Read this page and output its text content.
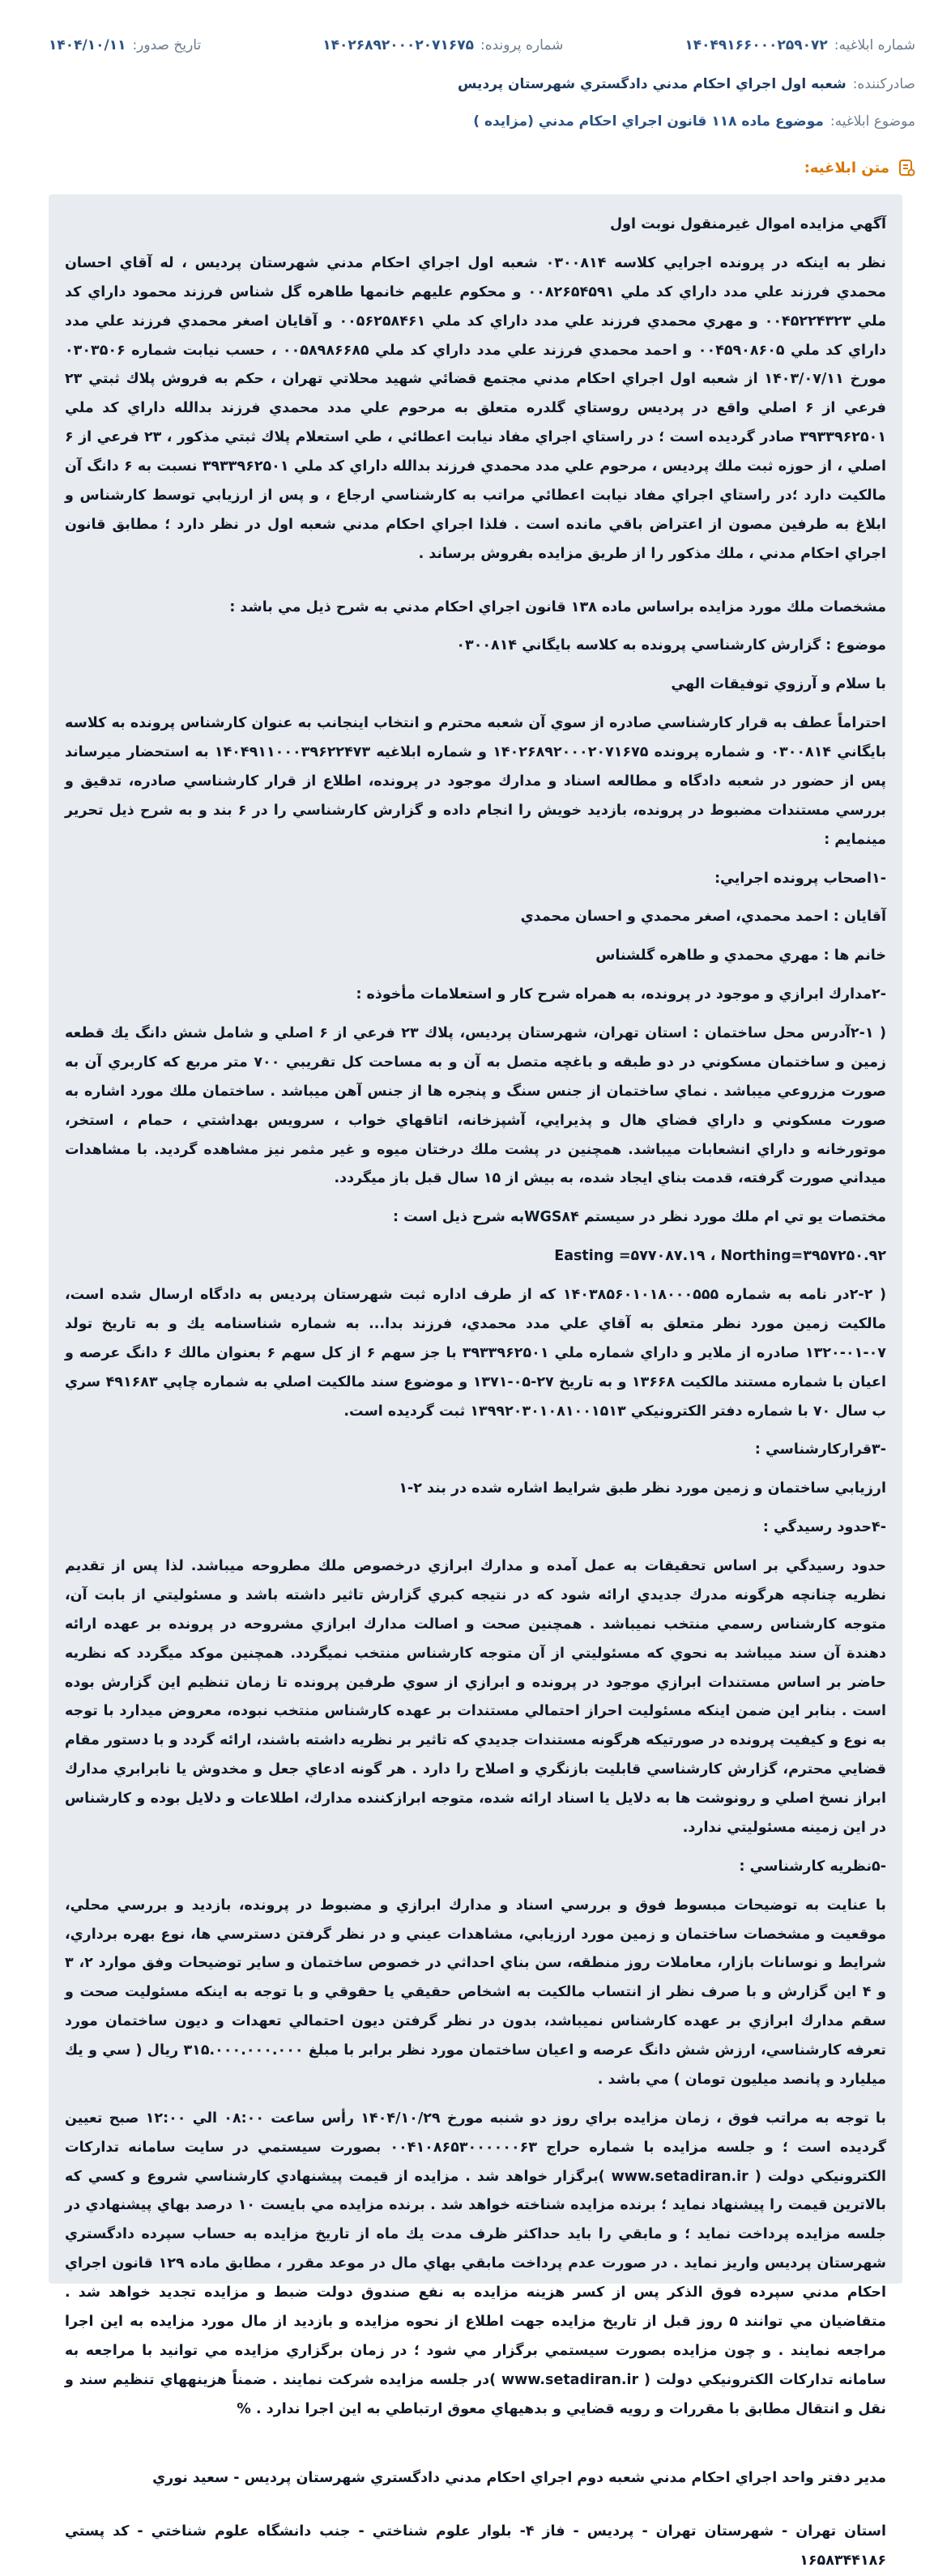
شماره ابلاغیه:۱۴۰۴۹۱۶۶۰۰۰۲۵۹۰۷۲
شماره پرونده:۱۴۰۲۶۸۹۲۰۰۰۲۰۷۱۶۷۵
تاریخ صدور:۱۴۰۴/۱۰/۱۱
صادرکننده:شعبه اول اجراي احكام مدني دادگستري شهرستان پرديس
موضوع ابلاغیه:موضوع ماده ۱۱۸ قانون اجراي احكام مدني (مزايده )
متن ابلاغیه:

آگهي مزايده اموال غيرمنقول نوبت اول

نظر به اينكه در پرونده اجرايي كلاسه ۰۳۰۰۸۱۴ شعبه اول اجراي احكام مدني شهرستان پرديس ، له آقاي احسان محمدي فرزند علي مدد داراي كد ملي ۰۰۸۲۶۵۴۵۹۱ و محكوم عليهم خانمها طاهره گل شناس فرزند محمود داراي كد ملي ۰۰۴۵۲۲۴۳۲۳ و مهري محمدي فرزند علي مدد داراي كد ملي ۰۰۵۶۲۵۸۴۶۱ و آقايان اصغر محمدي فرزند علي مدد داراي كد ملي ۰۰۴۵۹۰۸۶۰۵ و احمد محمدي فرزند علي مدد داراي كد ملي ۰۰۵۸۹۸۶۶۸۵ ، حسب نيابت شماره ۰۳۰۳۵۰۶ مورخ ۱۴۰۳/۰۷/۱۱ از شعبه اول اجراي احكام مدني مجتمع قضائي شهيد محلاتي تهران ، حكم به فروش پلاك ثبتي ۲۳ فرعي از ۶ اصلي واقع در پرديس روستاي گلدره متعلق به مرحوم علي مدد محمدي فرزند بدالله داراي كد ملي ۳۹۳۳۹۶۲۵۰۱ صادر گرديده است ؛ در راستاي اجراي مفاد نيابت اعطائي ، طي استعلام پلاك ثبتي مذكور ، ۲۳ فرعي از ۶ اصلي ، از حوزه ثبت ملك پرديس ، مرحوم علي مدد محمدي فرزند بدالله داراي كد ملي ۳۹۳۳۹۶۲۵۰۱ نسبت به ۶ دانگ آن مالكيت دارد ؛در راستاي اجراي مفاد نيابت اعطائي مراتب به كارشناسي ارجاع ، و پس از ارزيابي توسط كارشناس و ابلاغ به طرفين مصون از اعتراض باقي مانده است . فلذا اجراي احكام مدني شعبه اول در نظر دارد ؛ مطابق قانون اجراي احكام مدني ، ملك مذكور را از طريق مزايده بفروش برساند .

مشخصات ملك مورد مزايده براساس ماده ۱۳۸ قانون اجراي احكام مدني به شرح ذيل مي باشد :

موضوع : گزارش كارشناسي پرونده به كلاسه بايگاني ۰۳۰۰۸۱۴

با سلام و آرزوي توفيقات الهي

احتراماً عطف به قرار كارشناسي صادره از سوي آن شعبه محترم و انتخاب اينجانب به عنوان كارشناس پرونده به كلاسه بايگاني ۰۳۰۰۸۱۴ و شماره پرونده ۱۴۰۲۶۸۹۲۰۰۰۲۰۷۱۶۷۵ و شماره ابلاغيه ۱۴۰۴۹۱۱۰۰۰۳۹۶۲۲۴۷۳ به استحضار ميرساند پس از حضور در شعبه دادگاه و مطالعه اسناد و مدارك موجود در پرونده، اطلاع از قرار كارشناسي صادره، تدقيق و بررسي مستندات مضبوط در پرونده، بازديد خويش را انجام داده و گزارش كارشناسي را در ۶ بند و به شرح ذيل تحرير مينمايم :

-۱اصحاب پرونده اجرايي:

آقايان : احمد محمدي، اصغر محمدي و احسان محمدي

خانم ها : مهري محمدي و طاهره گلشناس

-۲مدارك ابرازي و موجود در پرونده، به همراه شرح كار و استعلامات مأخوذه :

( ۲-۱آدرس محل ساختمان : استان تهران، شهرستان پرديس، پلاك ۲۳ فرعي از ۶ اصلي و شامل شش دانگ يك قطعه زمين و ساختمان مسكوني در دو طبقه و باغچه متصل به آن و به مساحت كل تقريبي ۷۰۰ متر مربع كه كاربري آن به صورت مزروعي ميباشد . نماي ساختمان از جنس سنگ و پنجره ها از جنس آهن ميباشد . ساختمان ملك مورد اشاره به صورت مسكوني و داراي فضاي هال و پذيرايي، آشپزخانه، اتاقهاي خواب ، سرويس بهداشتي ، حمام ، استخر، موتورخانه و داراي انشعابات ميباشد. همچنين در پشت ملك درختان ميوه و غير مثمر نيز مشاهده گرديد. با مشاهدات ميداني صورت گرفته، قدمت بناي ايجاد شده، به بيش از ۱۵ سال قبل باز ميگردد.

مختصات يو تي ام ملك مورد نظر در سيستم WGS۸۴به شرح ذيل است :

Easting =۵۷۷۰۸۷.۱۹ ، Northing=۳۹۵۷۲۵۰.۹۲

( ۲-۲در نامه به شماره ۱۴۰۳۸۵۶۰۱۰۱۸۰۰۰۵۵۵ كه از طرف اداره ثبت شهرستان پرديس به دادگاه ارسال شده است، مالكيت زمين مورد نظر متعلق به آقاي علي مدد محمدي، فرزند بدا... به شماره شناسنامه يك و به تاريخ تولد ۰۷-۰۱-۱۳۲۰ صادره از ملاير و داراي شماره ملي ۳۹۳۳۹۶۲۵۰۱ با جز سهم ۶ از كل سهم ۶ بعنوان مالك ۶ دانگ عرصه و اعيان با شماره مستند مالكيت ۱۳۶۶۸ و به تاريخ ۲۷-۰۵-۱۳۷۱ و موضوع سند مالكيت اصلي به شماره چاپي ۴۹۱۶۸۳ سري ب سال ۷۰ با شماره دفتر الكترونيكي ۱۳۹۹۲۰۳۰۱۰۸۱۰۰۱۵۱۳ ثبت گرديده است.

-۳قراركارشناسي :

ارزيابي ساختمان و زمين مورد نظر طبق شرايط اشاره شده در بند ۲-۱

-۴حدود رسيدگي :

حدود رسيدگي بر اساس تحقيقات به عمل آمده و مدارك ابرازي درخصوص ملك مطروحه ميباشد. لذا پس از تقديم نظريه چنانچه هرگونه مدرك جديدي ارائه شود كه در نتيجه كبري گزارش تاثير داشته باشد و مسئوليتي از بابت آن، متوجه كارشناس رسمي منتخب نميباشد . همچنين صحت و اصالت مدارك ابرازي مشروحه در پرونده بر عهده ارائه دهندة آن سند ميباشد به نحوي كه مسئوليتي از آن متوجه كارشناس منتخب نميگردد. همچنين موكد ميگردد كه نظريه حاضر بر اساس مستندات ابرازي موجود در پرونده و ابرازي از سوي طرفين پرونده تا زمان تنظيم اين گزارش بوده است . بنابر اين ضمن اينكه مسئوليت احراز احتمالي مستندات بر عهده كارشناس منتخب نبوده، معروض ميدارد با توجه به نوع و كيفيت پرونده در صورتيكه هرگونه مستندات جديدي كه تاثير بر نظريه داشته باشند، ارائه گردد و با دستور مقام قضايي محترم، گزارش كارشناسي قابليت بازنگري و اصلاح را دارد . هر گونه ادعاي جعل و مخدوش يا نابرابري مدارك ابراز نسخ اصلي و رونوشت ها به دلايل يا اسناد ارائه شده، متوجه ابرازكننده مدارك، اطلاعات و دلايل بوده و كارشناس در اين زمينه مسئوليتي ندارد.

-۵نظريه كارشناسي :

با عنايت به توضيحات مبسوط فوق و بررسي اسناد و مدارك ابرازي و مضبوط در پرونده، بازديد و بررسي محلي، موقعيت و مشخصات ساختمان و زمين مورد ارزيابي، مشاهدات عيني و در نظر گرفتن دسترسي ها، نوع بهره برداري، شرايط و نوسانات بازار، معاملات روز منطقه، سن بناي احداثي در خصوص ساختمان و ساير توضيحات وفق موارد ۲، ۳ و ۴ اين گزارش و با صرف نظر از انتساب مالكيت به اشخاص حقيقي يا حقوقي و با توجه به اينكه مسئوليت صحت و سقم مدارك ابرازي بر عهده كارشناس نميباشد، بدون در نظر گرفتن ديون احتمالي تعهدات و ديون ساختمان مورد تعرفه كارشناسي، ارزش شش دانگ عرصه و اعيان ساختمان مورد نظر برابر با مبلغ ۳۱۵.۰۰۰.۰۰۰.۰۰۰ ريال ( سي و يك ميليارد و پانصد ميليون تومان ) مي باشد .

با توجه به مراتب فوق ، زمان مزايده براي روز دو شنبه مورخ ۱۴۰۴/۱۰/۲۹ رأس ساعت ۰۸:۰۰ الي ۱۲:۰۰ صبح تعيين گرديده است ؛ و جلسه مزايده با شماره حراج ۰۰۴۱۰۸۶۵۳۰۰۰۰۰۰۶۳ بصورت سيستمي در سايت سامانه تداركات الكترونيكي دولت ( www.setadiran.ir )برگزار خواهد شد . مزايده از قيمت پيشنهادي كارشناسي شروع و كسي كه بالاترين قيمت را پيشنهاد نمايد ؛ برنده مزايده شناخته خواهد شد . برنده مزايده مي بايست ۱۰ درصد بهاي پيشنهادي در جلسه مزايده پرداخت نمايد ؛ و مابقي را بايد حداكثر ظرف مدت يك ماه از تاريخ مزايده به حساب سپرده دادگستري شهرستان پرديس واريز نمايد . در صورت عدم پرداخت مابقي بهاي مال در موعد مقرر ، مطابق ماده ۱۲۹ قانون اجراي احكام مدني سپرده فوق الذكر پس از كسر هزينه مزايده به نفع صندوق دولت ضبط و مزايده تجديد خواهد شد . متقاضيان مي توانند ۵ روز قبل از تاريخ مزايده جهت اطلاع از نحوه مزايده و بازديد از مال مورد مزايده به اين اجرا مراجعه نمايند . و چون مزايده بصورت سيستمي برگزار مي شود ؛ در زمان برگزاري مزايده مي توانيد با مراجعه به سامانه تداركات الكترونيكي دولت ( www.setadiran.ir )در جلسه مزايده شركت نمايند . ضمناً هزينههاي تنظيم سند و نقل و انتقال مطابق با مقررات و رويه قضايي و بدهيهاي معوق ارتباطي به اين اجرا ندارد . %

مدير دفتر واحد اجراي احكام مدني شعبه دوم اجراي احكام مدني دادگستري شهرستان پرديس - سعيد نوري

استان تهران - شهرستان تهران - پرديس - فاز ۴- بلوار علوم شناختي - جنب دانشگاه علوم شناختي - كد پستي ۱۶۵۸۳۴۴۱۸۶
